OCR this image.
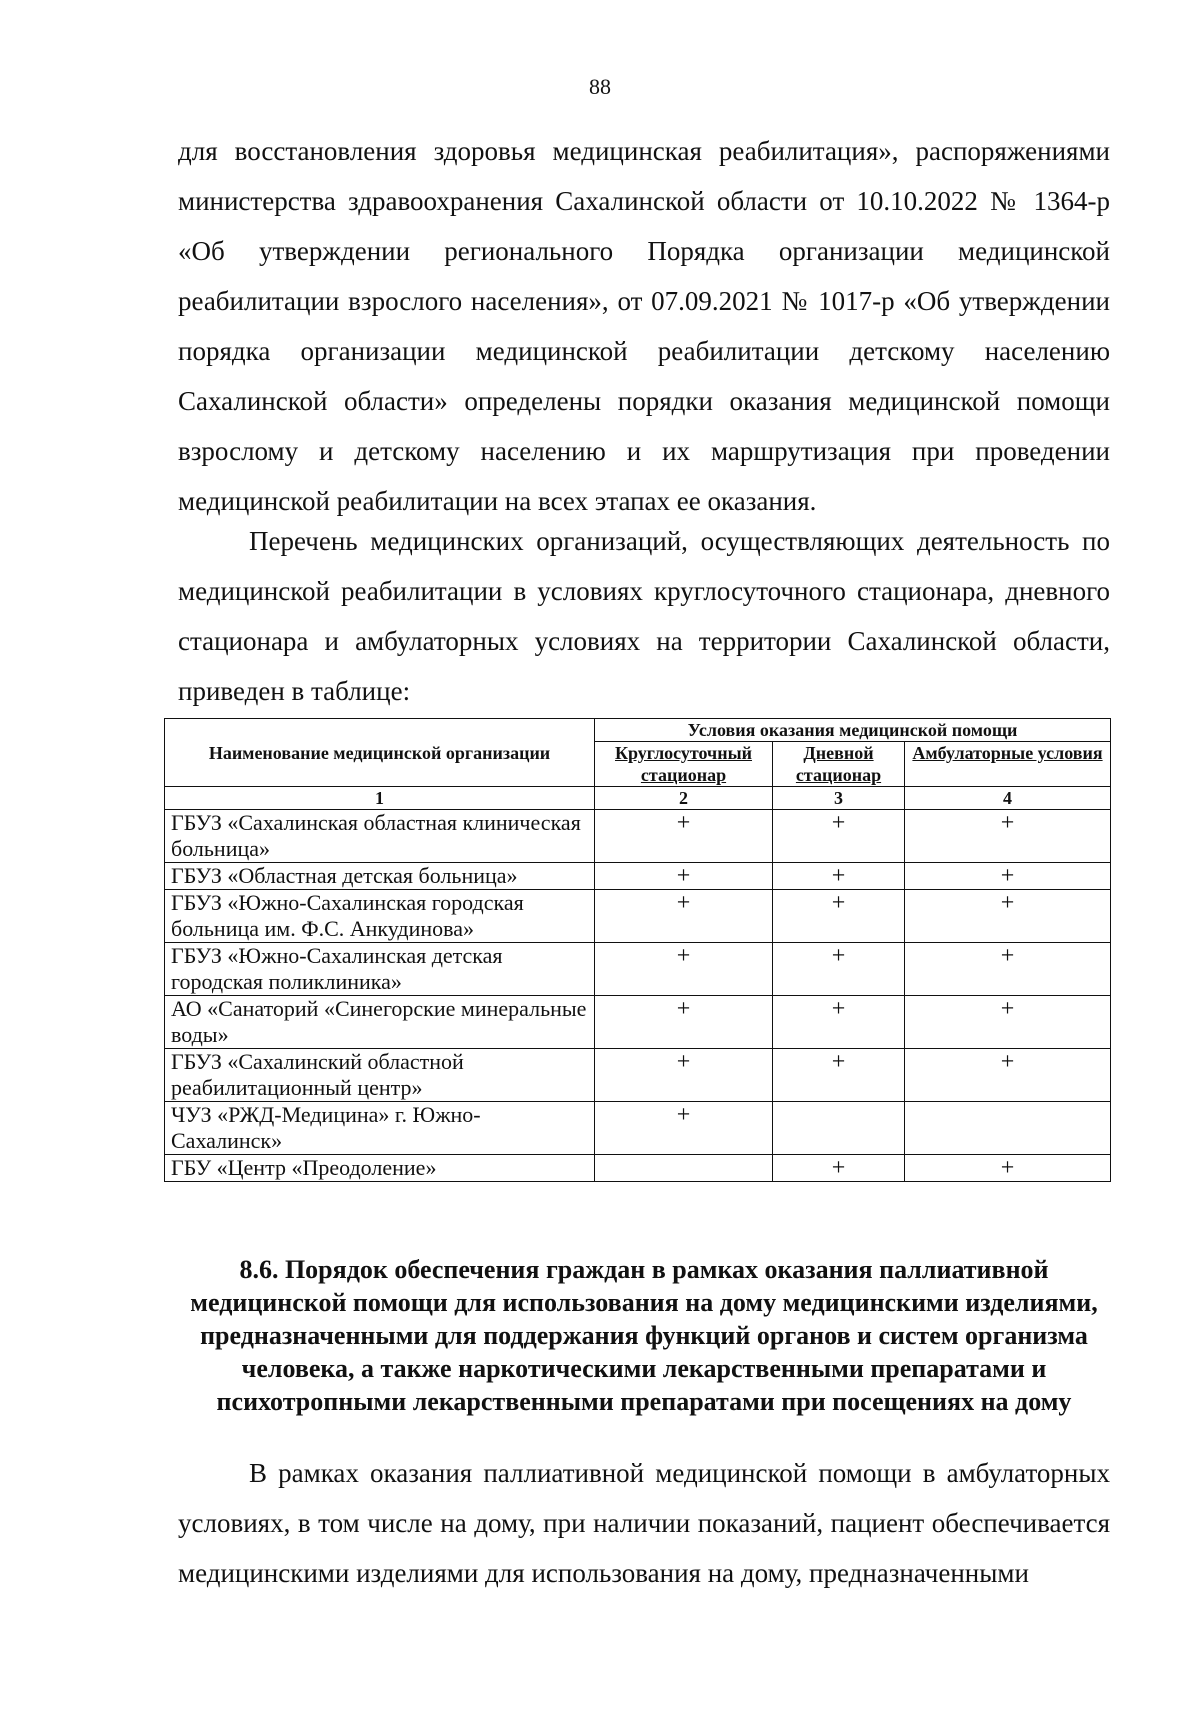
88

для восстановления здоровья медицинская реабилитация», распоряжениями министерства здравоохранения Сахалинской области от 10.10.2022 № 1364-р «Об утверждении регионального Порядка организации медицинской реабилитации взрослого населения», от 07.09.2021 № 1017-р «Об утверждении порядка организации медицинской реабилитации детскому населению Сахалинской области» определены порядки оказания медицинской помощи взрослому и детскому населению и их маршрутизация при проведении медицинской реабилитации на всех этапах ее оказания.

Перечень медицинских организаций, осуществляющих деятельность по медицинской реабилитации в условиях круглосуточного стационара, дневного стационара и амбулаторных условиях на территории Сахалинской области, приведен в таблице:

Наименование медицинской организации	Условия оказания медицинской помощи		
	Круглосуточный стационар	Дневной стационар	Амбулаторные условия
1	2	3	4
ГБУЗ «Сахалинская областная клиническая больница»	+	+	+
ГБУЗ «Областная детская больница»	+	+	+
ГБУЗ «Южно-Сахалинская городская больница им. Ф.С. Анкудинова»	+	+	+
ГБУЗ «Южно-Сахалинская детская городская поликлиника»	+	+	+
АО «Санаторий «Синегорские минеральные воды»	+	+	+
ГБУЗ «Сахалинский областной реабилитационный центр»	+	+	+
ЧУЗ «РЖД-Медицина» г. Южно-Сахалинск»	+		
ГБУ «Центр «Преодоление»		+	+
8.6. Порядок обеспечения граждан в рамках оказания паллиативной медицинской помощи для использования на дому медицинскими изделиями, предназначенными для поддержания функций органов и систем организма человека, а также наркотическими лекарственными препаратами и психотропными лекарственными препаратами при посещениях на дому

В рамках оказания паллиативной медицинской помощи в амбулаторных условиях, в том числе на дому, при наличии показаний, пациент обеспечивается медицинскими изделиями для использования на дому, предназначенными
